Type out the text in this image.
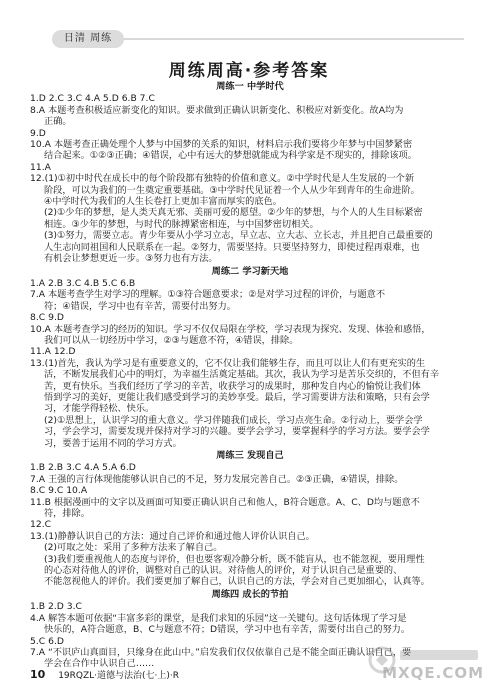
日清 周练
周练周高·参考答案

周练一 中学时代

1.D 2.C 3.C 4.A 5.D 6.B 7.C

8.A 本题考查积极适应新变化的知识。要求做到正确认识新变化、积极应对新变化。故A均为

正确。

9.D

10.A 本题考查正确处理个人梦与中国梦的关系的知识，材料启示我们要将少年梦与中国梦紧密

结合起来。①②③正确；④错误，心中有远大的梦想就能成为科学家是不现实的，排除该项。

11.A

12.(1)①初中时代在成长中的每个阶段都有独特的价值和意义。②中学时代是人生发展的一个新

阶段，可以为我们的一生奠定重要基础。③中学时代见证着一个人从少年到青年的生命进阶。

④中学时代为我们的人生长卷打上更加丰富而厚实的底色。

(2)①少年的梦想，是人类天真无邪、美丽可爱的愿望。②少年的梦想，与个人的人生目标紧密

相连。③少年的梦想，与时代的脉搏紧密相连，与中国梦密切相关。

(3)①努力，需要立志。青少年要从小学习立志，早立志、立大志、立长志，并且把自己最重要的

人生志向同祖国和人民联系在一起。②努力，需要坚持。只要坚持努力，即使过程再艰难，也

有机会让梦想更近一步。③努力也有方法。

周练二 学习新天地

1.A 2.B 3.C 4.B 5.C 6.B

7.A 本题考查学生对学习的理解。①③符合题意要求；②是对学习过程的评价，与题意不

符；④错误，学习中也有辛苦，需要付出努力。

8.C 9.D

10.A 本题考查学习的经历的知识。学习不仅仅局限在学校，学习表现为探究、发现、体验和感悟，

我们可以从一切经历中学习，②③与题意不符，④错误，排除。

11.A 12.D

13.(1)首先，我认为学习是有重要意义的，它不仅让我们能够生存，而且可以让人们有更充实的生

活，不断发展我们心中的明灯，为幸福生活奠定基础。其次，我认为学习是苦乐交织的，不但有辛

苦，更有快乐。当我们经历了学习的辛苦，收获学习的成果时，那种发自内心的愉悦让我们体

悟到学习的美好，更能让我们感受到学习的美妙享受。最后，学习需要讲方法和策略，只有会学

习，才能学得轻松、快乐。

(2)①思想上，认识学习的重大意义。学习伴随我们成长，学习点亮生命。②行动上，要学会学

习，学会学习，需要发现并保持对学习的兴趣。要学会学习，要掌握科学的学习方法。要学会学

习，要善于运用不同的学习方式。

周练三 发现自己

1.B 2.B 3.C 4.A 5.A 6.D

7.A 王强的言行体现他能够认识自己的不足，努力发展完善自己。②③正确，④错误，排除。

8.C 9.C 10.A

11.B 根据漫画中的文字以及画面可知要正确认识自己和他人，B符合题意。A、C、D均与题意不

符，排除。

12.C

13.(1)静静认识自己的方法：通过自己评价和通过他人评价认识自己。

(2)可取之处：采用了多种方法来了解自己。

(3)我们要重视他人的态度与评价，但也要客观冷静分析，既不能盲从，也不能忽视，要用理性

的心态对待他人的评价，调整对自己的认识。对待他人的评价，对于认识自己是重要的、

不能忽视他人的评价。我们要更加了解自己，认识自己的方法，学会对自己更加细心，认真等。

周练四 成长的节拍

1.B 2.D 3.C

4.A 解答本题可依据“丰富多彩的课堂，是我们求知的乐园”这一关键句。这句话体现了学习是

快乐的，A符合题意，B、C与题意不符；D错误，学习中也有辛苦，需要付出自己的努力。

5.C 6.D

7.A “不识庐山真面目，只缘身在此山中。”启发我们仅仅依靠自己是不能全面正确认识自己，要

学会在合作中认识自己……

10 19RQZL·道德与法治(七·上)·R	MXQE.COM
